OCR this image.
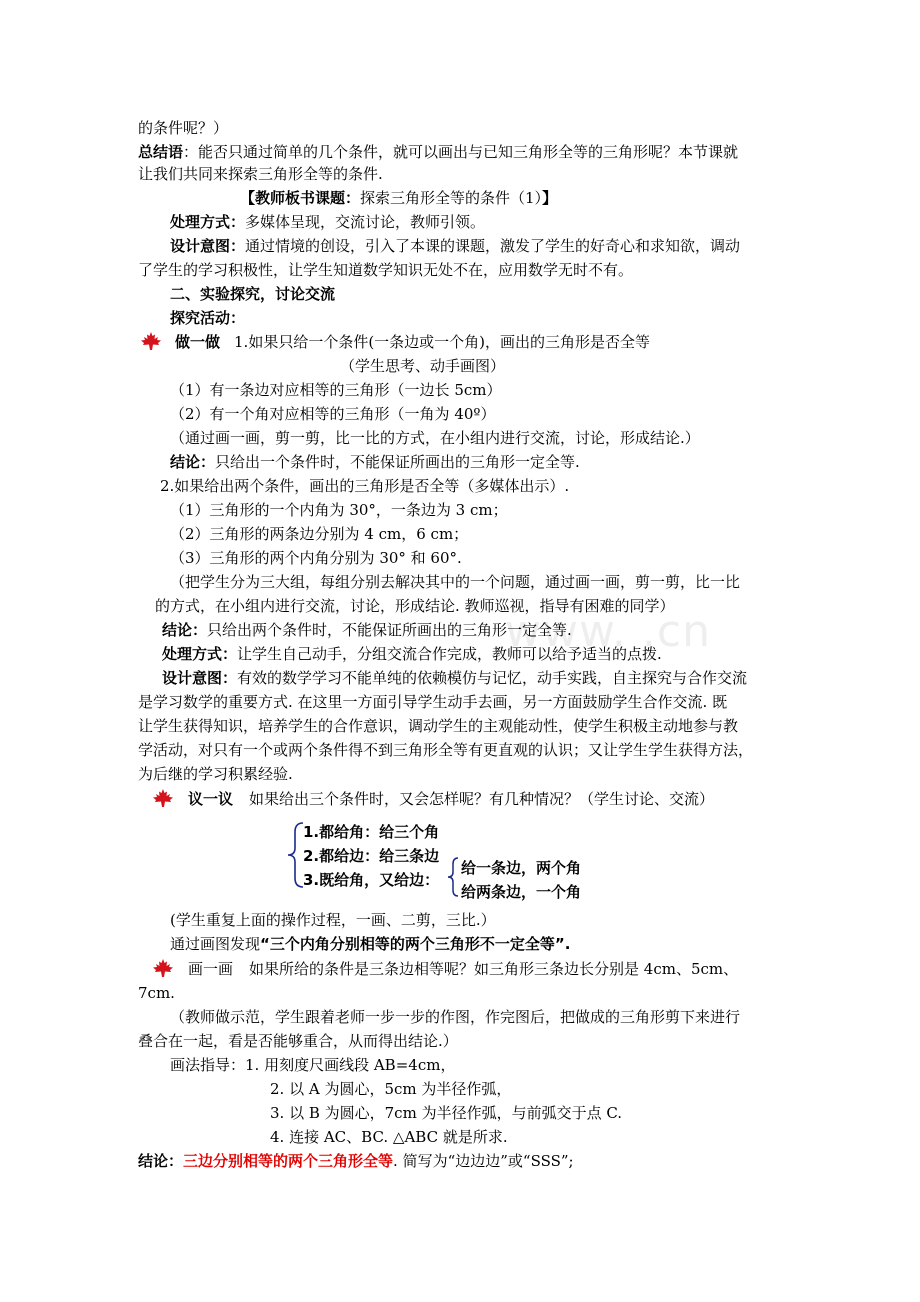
www. .cn
的条件呢？）
总结语：能否只通过简单的几个条件，就可以画出与已知三角形全等的三角形呢？本节课就
让我们共同来探索三角形全等的条件.
【教师板书课题：探索三角形全等的条件（1）】
处理方式：多媒体呈现，交流讨论，教师引领。
设计意图：通过情境的创设，引入了本课的课题，激发了学生的好奇心和求知欲，调动
了学生的学习积极性，让学生知道数学知识无处不在，应用数学无时不有。
二、实验探究，讨论交流
探究活动：
做一做 1.如果只给一个条件(一条边或一个角)，画出的三角形是否全等
（学生思考、动手画图）
（1）有一条边对应相等的三角形（一边长 5cm）
（2）有一个角对应相等的三角形（一角为 40º）
（通过画一画，剪一剪，比一比的方式，在小组内进行交流，讨论，形成结论.）
结论：只给出一个条件时，不能保证所画出的三角形一定全等.
2.如果给出两个条件，画出的三角形是否全等（多媒体出示）.
（1）三角形的一个内角为 30°，一条边为 3 cm；
（2）三角形的两条边分别为 4 cm，6 cm；
（3）三角形的两个内角分别为 30° 和 60°.
（把学生分为三大组，每组分别去解决其中的一个问题，通过画一画，剪一剪，比一比
的方式，在小组内进行交流，讨论，形成结论. 教师巡视，指导有困难的同学）
结论：只给出两个条件时，不能保证所画出的三角形一定全等.
处理方式：让学生自己动手，分组交流合作完成，教师可以给予适当的点拨.
设计意图：有效的数学学习不能单纯的依赖模仿与记忆，动手实践，自主探究与合作交流
是学习数学的重要方式. 在这里一方面引导学生动手去画，另一方面鼓励学生合作交流. 既
让学生获得知识，培养学生的合作意识，调动学生的主观能动性，使学生积极主动地参与教
学活动，对只有一个或两个条件得不到三角形全等有更直观的认识；又让学生学生获得方法，
为后继的学习积累经验.
议一议 如果给出三个条件时，又会怎样呢？有几种情况？（学生讨论、交流）
1.都给角：给三个角
2.都给边：给三条边
3.既给角，又给边：
给一条边，两个角
给两条边，一个角
(学生重复上面的操作过程，一画、二剪，三比.）
通过画图发现“三个内角分别相等的两个三角形不一定全等”.
画一画 如果所给的条件是三条边相等呢？如三角形三条边长分别是 4cm、5cm、
7cm.
（教师做示范，学生跟着老师一步一步的作图，作完图后，把做成的三角形剪下来进行
叠合在一起，看是否能够重合，从而得出结论.）
画法指导：1. 用刻度尺画线段 AB=4cm，
2. 以 A 为圆心，5cm 为半径作弧，
3. 以 B 为圆心，7cm 为半径作弧，与前弧交于点 C.
4. 连接 AC、BC. △ABC 就是所求.
结论：三边分别相等的两个三角形全等. 简写为“边边边”或“SSS”;
